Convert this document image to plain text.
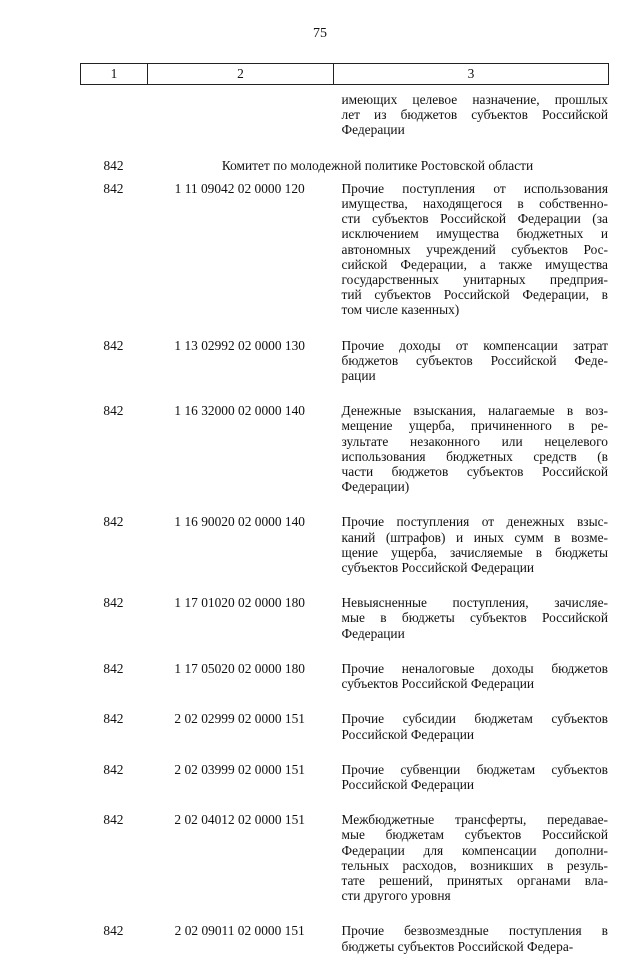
75
1	2	3
имеющих целевое назначение, прошлых
лет из бюджетов субъектов Российской
Федерации
842	Комитет по молодежной политике Ростовской области
842	1 11 09042 02 0000 120	Прочие поступления от использования
имущества, находящегося в собственно-
сти субъектов Российской Федерации (за
исключением имущества бюджетных и
автономных учреждений субъектов Рос-
сийской Федерации, а также имущества
государственных унитарных предприя-
тий субъектов Российской Федерации, в
том числе казенных)
842	1 13 02992 02 0000 130	Прочие доходы от компенсации затрат
бюджетов субъектов Российской Феде-
рации
842	1 16 32000 02 0000 140	Денежные взыскания, налагаемые в воз-
мещение ущерба, причиненного в ре-
зультате незаконного или нецелевого
использования бюджетных средств (в
части бюджетов субъектов Российской
Федерации)
842	1 16 90020 02 0000 140	Прочие поступления от денежных взыс-
каний (штрафов) и иных сумм в возме-
щение ущерба, зачисляемые в бюджеты
субъектов Российской Федерации
842	1 17 01020 02 0000 180	Невыясненные поступления, зачисляе-
мые в бюджеты субъектов Российской
Федерации
842	1 17 05020 02 0000 180	Прочие неналоговые доходы бюджетов
субъектов Российской Федерации
842	2 02 02999 02 0000 151	Прочие субсидии бюджетам субъектов
Российской Федерации
842	2 02 03999 02 0000 151	Прочие субвенции бюджетам субъектов
Российской Федерации
842	2 02 04012 02 0000 151	Межбюджетные трансферты, передавае-
мые бюджетам субъектов Российской
Федерации для компенсации дополни-
тельных расходов, возникших в резуль-
тате решений, принятых органами вла-
сти другого уровня
842	2 02 09011 02 0000 151	Прочие безвозмездные поступления в
бюджеты субъектов Российской Федера-
